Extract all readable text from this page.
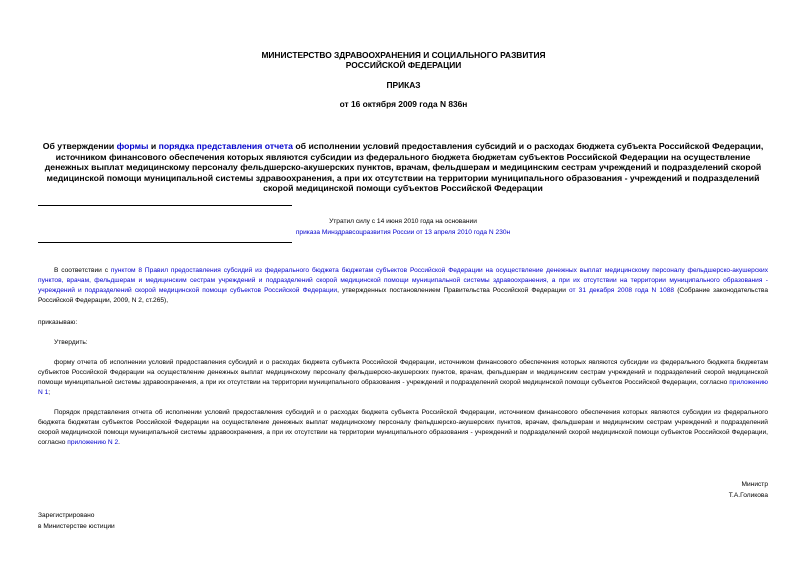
МИНИСТЕРСТВО ЗДРАВООХРАНЕНИЯ И СОЦИАЛЬНОГО РАЗВИТИЯ
РОССИЙСКОЙ ФЕДЕРАЦИИ
ПРИКАЗ
от 16 октября 2009 года N 836н
Об утверждении формы и порядка представления отчета об исполнении условий предоставления субсидий и о расходах бюджета субъекта Российской Федерации, источником финансового обеспечения которых являются субсидии из федерального бюджета бюджетам субъектов Российской Федерации на осуществление денежных выплат медицинскому персоналу фельдшерско-акушерских пунктов, врачам, фельдшерам и медицинским сестрам учреждений и подразделений скорой медицинской помощи муниципальной системы здравоохранения, а при их отсутствии на территории муниципального образования - учреждений и подразделений скорой медицинской помощи субъектов Российской Федерации
Утратил силу с 14 июня 2010 года на основании
приказа Минздравсоцразвития России от 13 апреля 2010 года N 230н
В соответствии с пунктом 8 Правил предоставления субсидий из федерального бюджета бюджетам субъектов Российской Федерации на осуществление денежных выплат медицинскому персоналу фельдшерско-акушерских пунктов, врачам, фельдшерам и медицинским сестрам учреждений и подразделений скорой медицинской помощи муниципальной системы здравоохранения, а при их отсутствии на территории муниципального образования - учреждений и подразделений скорой медицинской помощи субъектов Российской Федерации, утвержденных постановлением Правительства Российской Федерации от 31 декабря 2008 года N 1088 (Собрание законодательства Российской Федерации, 2009, N 2, ст.265),
приказываю:
Утвердить:
форму отчета об исполнении условий предоставления субсидий и о расходах бюджета субъекта Российской Федерации, источником финансового обеспечения которых являются субсидии из федерального бюджета бюджетам субъектов Российской Федерации на осуществление денежных выплат медицинскому персоналу фельдшерско-акушерских пунктов, врачам, фельдшерам и медицинским сестрам учреждений и подразделений скорой медицинской помощи муниципальной системы здравоохранения, а при их отсутствии на территории муниципального образования - учреждений и подразделений скорой медицинской помощи субъектов Российской Федерации, согласно приложению N 1;
Порядок представления отчета об исполнении условий предоставления субсидий и о расходах бюджета субъекта Российской Федерации, источником финансового обеспечения которых являются субсидии из федерального бюджета бюджетам субъектов Российской Федерации на осуществление денежных выплат медицинскому персоналу фельдшерско-акушерских пунктов, врачам, фельдшерам и медицинским сестрам учреждений и подразделений скорой медицинской помощи муниципальной системы здравоохранения, а при их отсутствии на территории муниципального образования - учреждений и подразделений скорой медицинской помощи субъектов Российской Федерации, согласно приложению N 2.
Министр
Т.А.Голикова
Зарегистрировано
в Министерстве юстиции
